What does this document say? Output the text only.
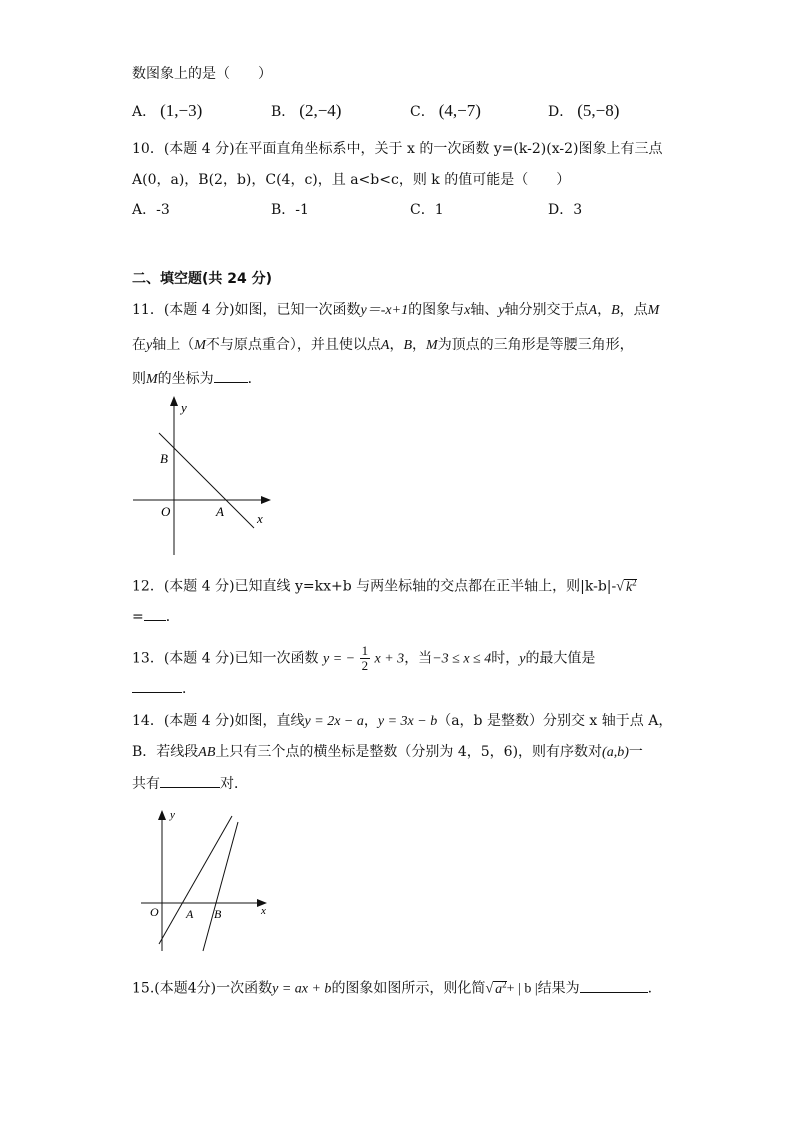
数图象上的是（　　）
A． (1,−3)	B． (2,−4)	C． (4,−7)	D． (5,−8)
10．(本题 4 分)在平面直角坐标系中，关于 x 的一次函数 y=(k-2)(x-2)图象上有三点
A(0，a)，B(2，b)，C(4，c)，且 a<b<c，则 k 的值可能是（　　）
A．-3	B．-1	C．1	D．3
二、填空题(共 24 分)
11．(本题 4 分)如图，已知一次函数y＝-x+1的图象与x轴、y轴分别交于点A，B，点M
在y轴上（M不与原点重合），并且使以点A，B，M为顶点的三角形是等腰三角形，
则M的坐标为 ．
y
x
B
O	A
12．(本题 4 分)已知直线 y=kx+b 与两坐标轴的交点都在正半轴上，则|k-b|-√ $k^2$
= ．
13．(本题 4 分)已知一次函数 y = − $\frac{1}{2}$ x + 3，当−3 ≤ x ≤ 4时，y的最大值是
．
14．(本题 4 分)如图，直线y = 2x − a，y = 3x − b（a，b 是整数）分别交 x 轴于点 A，
B．若线段AB上只有三个点的横坐标是整数（分别为 4，5，6)，则有序数对(a,b)一
共有	对．
y
x
O A B
15.(本题4分)一次函数y = ax + b的图象如图所示，则化简√ $a^2+$ | b |结果为	.
